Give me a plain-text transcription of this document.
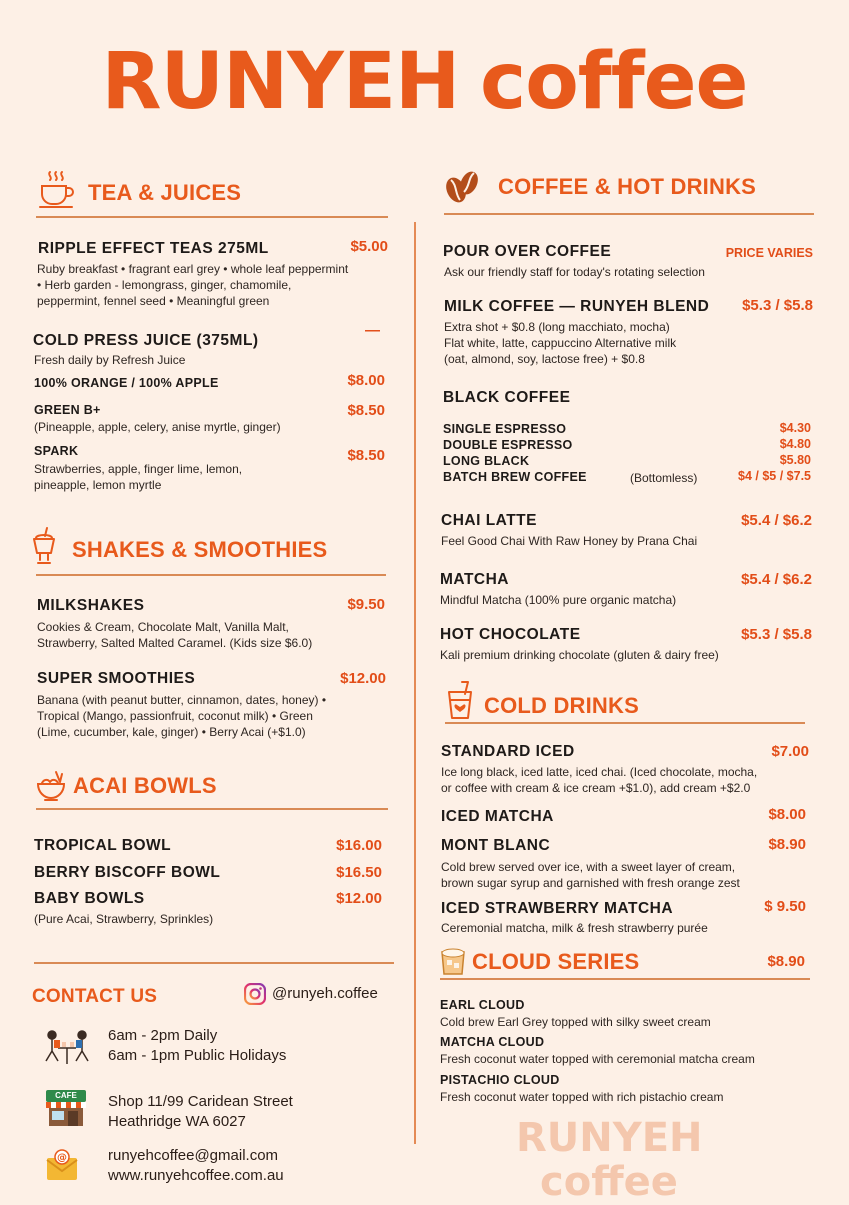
RUNYEH coffee
TEA & JUICES
RIPPLE EFFECT TEAS 275ML	$5.00
Ruby breakfast • fragrant earl grey • whole leaf peppermint
• Herb garden - lemongrass, ginger, chamomile,
peppermint, fennel seed • Meaningful green
COLD PRESS JUICE (375ML)
—
Fresh daily by Refresh Juice
100% ORANGE / 100% APPLE	$8.00
GREEN B+	$8.50
(Pineapple, apple, celery, anise myrtle, ginger)
SPARK	$8.50
Strawberries, apple, finger lime, lemon,
pineapple, lemon myrtle
SHAKES & SMOOTHIES
MILKSHAKES	$9.50
Cookies & Cream, Chocolate Malt, Vanilla Malt,
Strawberry, Salted Malted Caramel. (Kids size $6.0)
SUPER SMOOTHIES	$12.00
Banana (with peanut butter, cinnamon, dates, honey) •
Tropical (Mango, passionfruit, coconut milk) • Green
(Lime, cucumber, kale, ginger) • Berry Acai (+$1.0)
ACAI BOWLS
TROPICAL BOWL	$16.00
BERRY BISCOFF BOWL	$16.50
BABY BOWLS	$12.00
(Pure Acai, Strawberry, Sprinkles)
CONTACT US	@runyeh.coffee
6am - 2pm Daily
6am - 1pm Public Holidays
CAFE	Shop 11/99 Caridean Street
Heathridge WA 6027
@	runyehcoffee@gmail.com
www.runyehcoffee.com.au
COFFEE & HOT DRINKS
POUR OVER COFFEE	PRICE VARIES
Ask our friendly staff for today's rotating selection
MILK COFFEE — RUNYEH BLEND	$5.3 / $5.8
Extra shot + $0.8 (long macchiato, mocha)
Flat white, latte, cappuccino Alternative milk
(oat, almond, soy, lactose free) + $0.8
BLACK COFFEE
SINGLE ESPRESSO	$4.30
DOUBLE ESPRESSO	$4.80
LONG BLACK	$5.80
BATCH BREW COFFEE	(Bottomless)	$4 / $5 / $7.5
CHAI LATTE	$5.4 / $6.2
Feel Good Chai With Raw Honey by Prana Chai
MATCHA	$5.4 / $6.2
Mindful Matcha (100% pure organic matcha)
HOT CHOCOLATE	$5.3 / $5.8
Kali premium drinking chocolate (gluten & dairy free)
COLD DRINKS
STANDARD ICED	$7.00
Ice long black, iced latte, iced chai. (Iced chocolate, mocha,
or coffee with cream & ice cream +$1.0), add cream +$2.0
ICED MATCHA	$8.00
MONT BLANC	$8.90
Cold brew served over ice, with a sweet layer of cream,
brown sugar syrup and garnished with fresh orange zest
ICED STRAWBERRY MATCHA	$ 9.50
Ceremonial matcha, milk & fresh strawberry purée
CLOUD SERIES	$8.90
EARL CLOUD
Cold brew Earl Grey topped with silky sweet cream
MATCHA CLOUD
Fresh coconut water topped with ceremonial matcha cream
PISTACHIO CLOUD
Fresh coconut water topped with rich pistachio cream
RUNYEH
coffee
